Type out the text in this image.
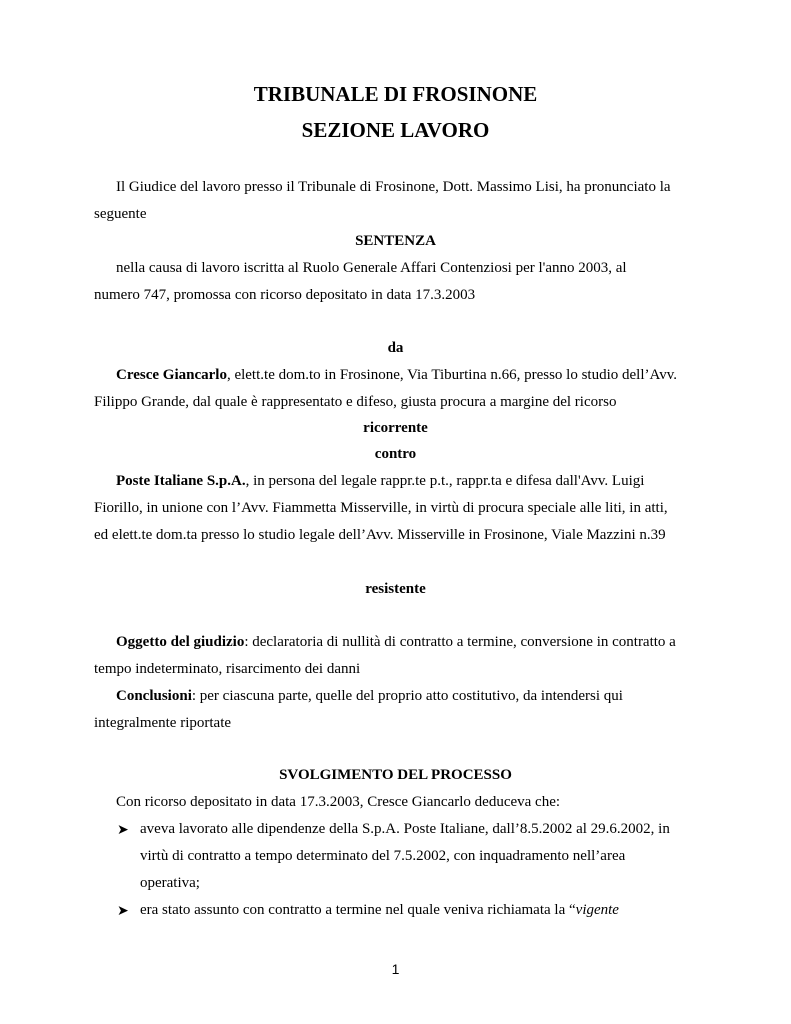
TRIBUNALE DI FROSINONE
SEZIONE LAVORO
Il Giudice del lavoro presso il Tribunale di Frosinone, Dott. Massimo Lisi, ha pronunciato la
seguente
SENTENZA
nella causa di lavoro iscritta al Ruolo Generale Affari Contenziosi per l'anno 2003, al
numero 747, promossa con ricorso depositato in data 17.3.2003
da
Cresce Giancarlo, elett.te dom.to in Frosinone, Via Tiburtina n.66, presso lo studio dell’Avv.
Filippo Grande, dal quale è rappresentato e difeso, giusta procura a margine del ricorso
ricorrente
contro
Poste Italiane S.p.A., in persona del legale rappr.te p.t., rappr.ta e difesa dall'Avv. Luigi
Fiorillo, in unione con l’Avv. Fiammetta Misserville, in virtù di procura speciale alle liti, in atti,
ed elett.te dom.ta presso lo studio legale dell’Avv. Misserville in Frosinone, Viale Mazzini n.39
resistente
Oggetto del giudizio: declaratoria di nullità di contratto a termine, conversione in contratto a
tempo indeterminato, risarcimento dei danni
Conclusioni: per ciascuna parte, quelle del proprio atto costitutivo, da intendersi qui
integralmente riportate
SVOLGIMENTO DEL PROCESSO
Con ricorso depositato in data 17.3.2003, Cresce Giancarlo deduceva che:
➤ aveva lavorato alle dipendenze della S.p.A. Poste Italiane, dall’8.5.2002 al 29.6.2002, in
virtù di contratto a tempo determinato del 7.5.2002, con inquadramento nell’area
operativa;
➤ era stato assunto con contratto a termine nel quale veniva richiamata la “vigente
1
